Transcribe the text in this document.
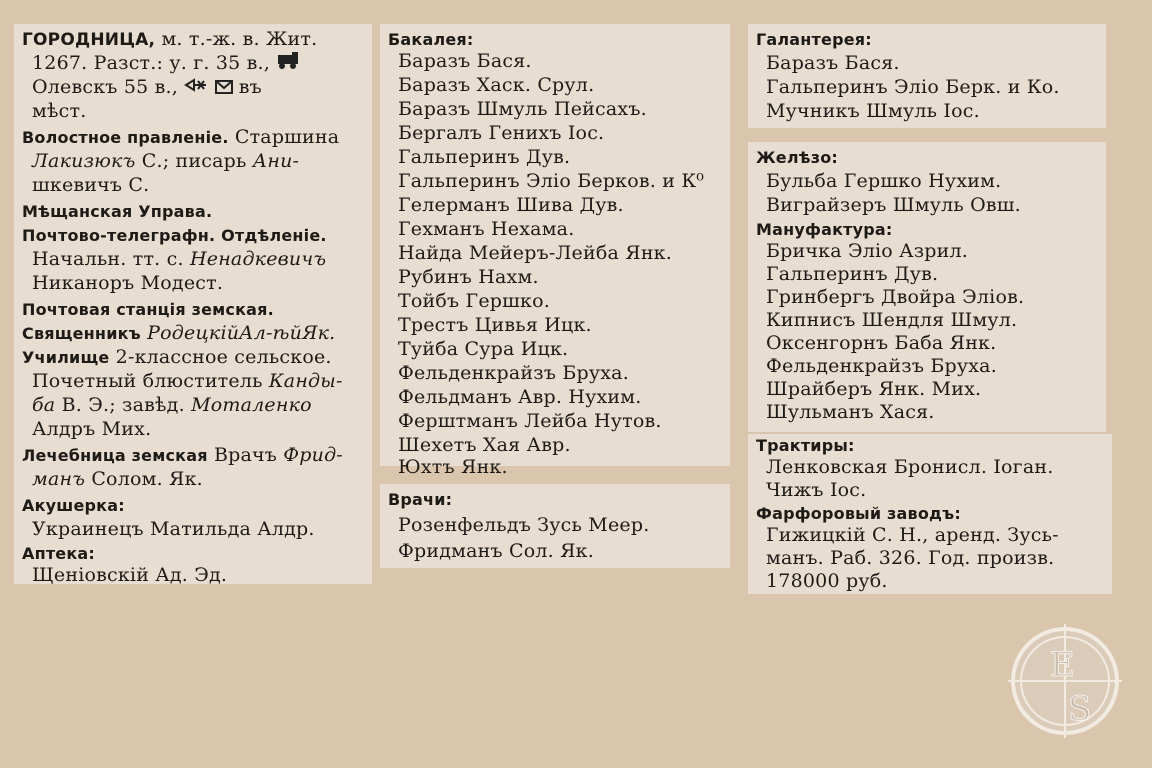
ГОРОДНИЦА, м. т.-ж. в. Жит.
1267. Разст.: у. г. 35 в.,
Олевскъ 55 в.,	въ
мѣст.
Волостное правленіе. Старшина
Лакизюкъ С.; писарь Ани-
шкевичъ С.
Мѣщанская Управа.
Почтово-телеграфн. Отдѣленіе.
Начальн. тт. с. Ненадкевичъ
Никаноръ Модест.
Почтовая станція земская.
Священникъ РодецкійАл-ѣйЯк.
Училище 2-классное сельское.
Почетный блюститель Канды-
ба В. Э.; завѣд. Моталенко
Алдръ Мих.
Лечебница земская Врачъ Фрид-
манъ Солом. Як.
Акушерка:
Украинецъ Матильда Алдр.
Аптека:
Щеніовскій Ад. Эд.
Бакалея:
Баразъ Бася.
Баразъ Хаск. Срул.
Баразъ Шмуль Пейсахъ.
Бергалъ Генихъ Іос.
Гальперинъ Дув.
Гальперинъ Эліо Берков. и К⁰
Гелерманъ Шива Дув.
Гехманъ Нехама.
Найда Мейеръ-Лейба Янк.
Рубинъ Нахм.
Тойбъ Гершко.
Трестъ Цивья Ицк.
Туйба Сура Ицк.
Фельденкрайзъ Бруха.
Фельдманъ Авр. Нухим.
Ферштманъ Лейба Нутов.
Шехетъ Хая Авр.
Юхтъ Янк.
Врачи:
Розенфельдъ Зусь Меер.
Фридманъ Сол. Як.
Галантерея:
Баразъ Бася.
Гальперинъ Эліо Берк. и Ко.
Мучникъ Шмуль Іос.
Желѣзо:
Бульба Гершко Нухим.
Виграйзеръ Шмуль Овш.
Мануфактура:
Бричка Эліо Азрил.
Гальперинъ Дув.
Гринбергъ Двойра Эліов.
Кипнисъ Шендля Шмул.
Оксенгорнъ Баба Янк.
Фельденкрайзъ Бруха.
Шрайберъ Янк. Мих.
Шульманъ Хася.
Трактиры:
Ленковская Бронисл. Іоган.
Чижъ Іос.
Фарфоровый заводъ:
Гижицкій С. Н., аренд. Зусь-
манъ. Раб. 326. Год. произв.
178000 руб.
E
S
